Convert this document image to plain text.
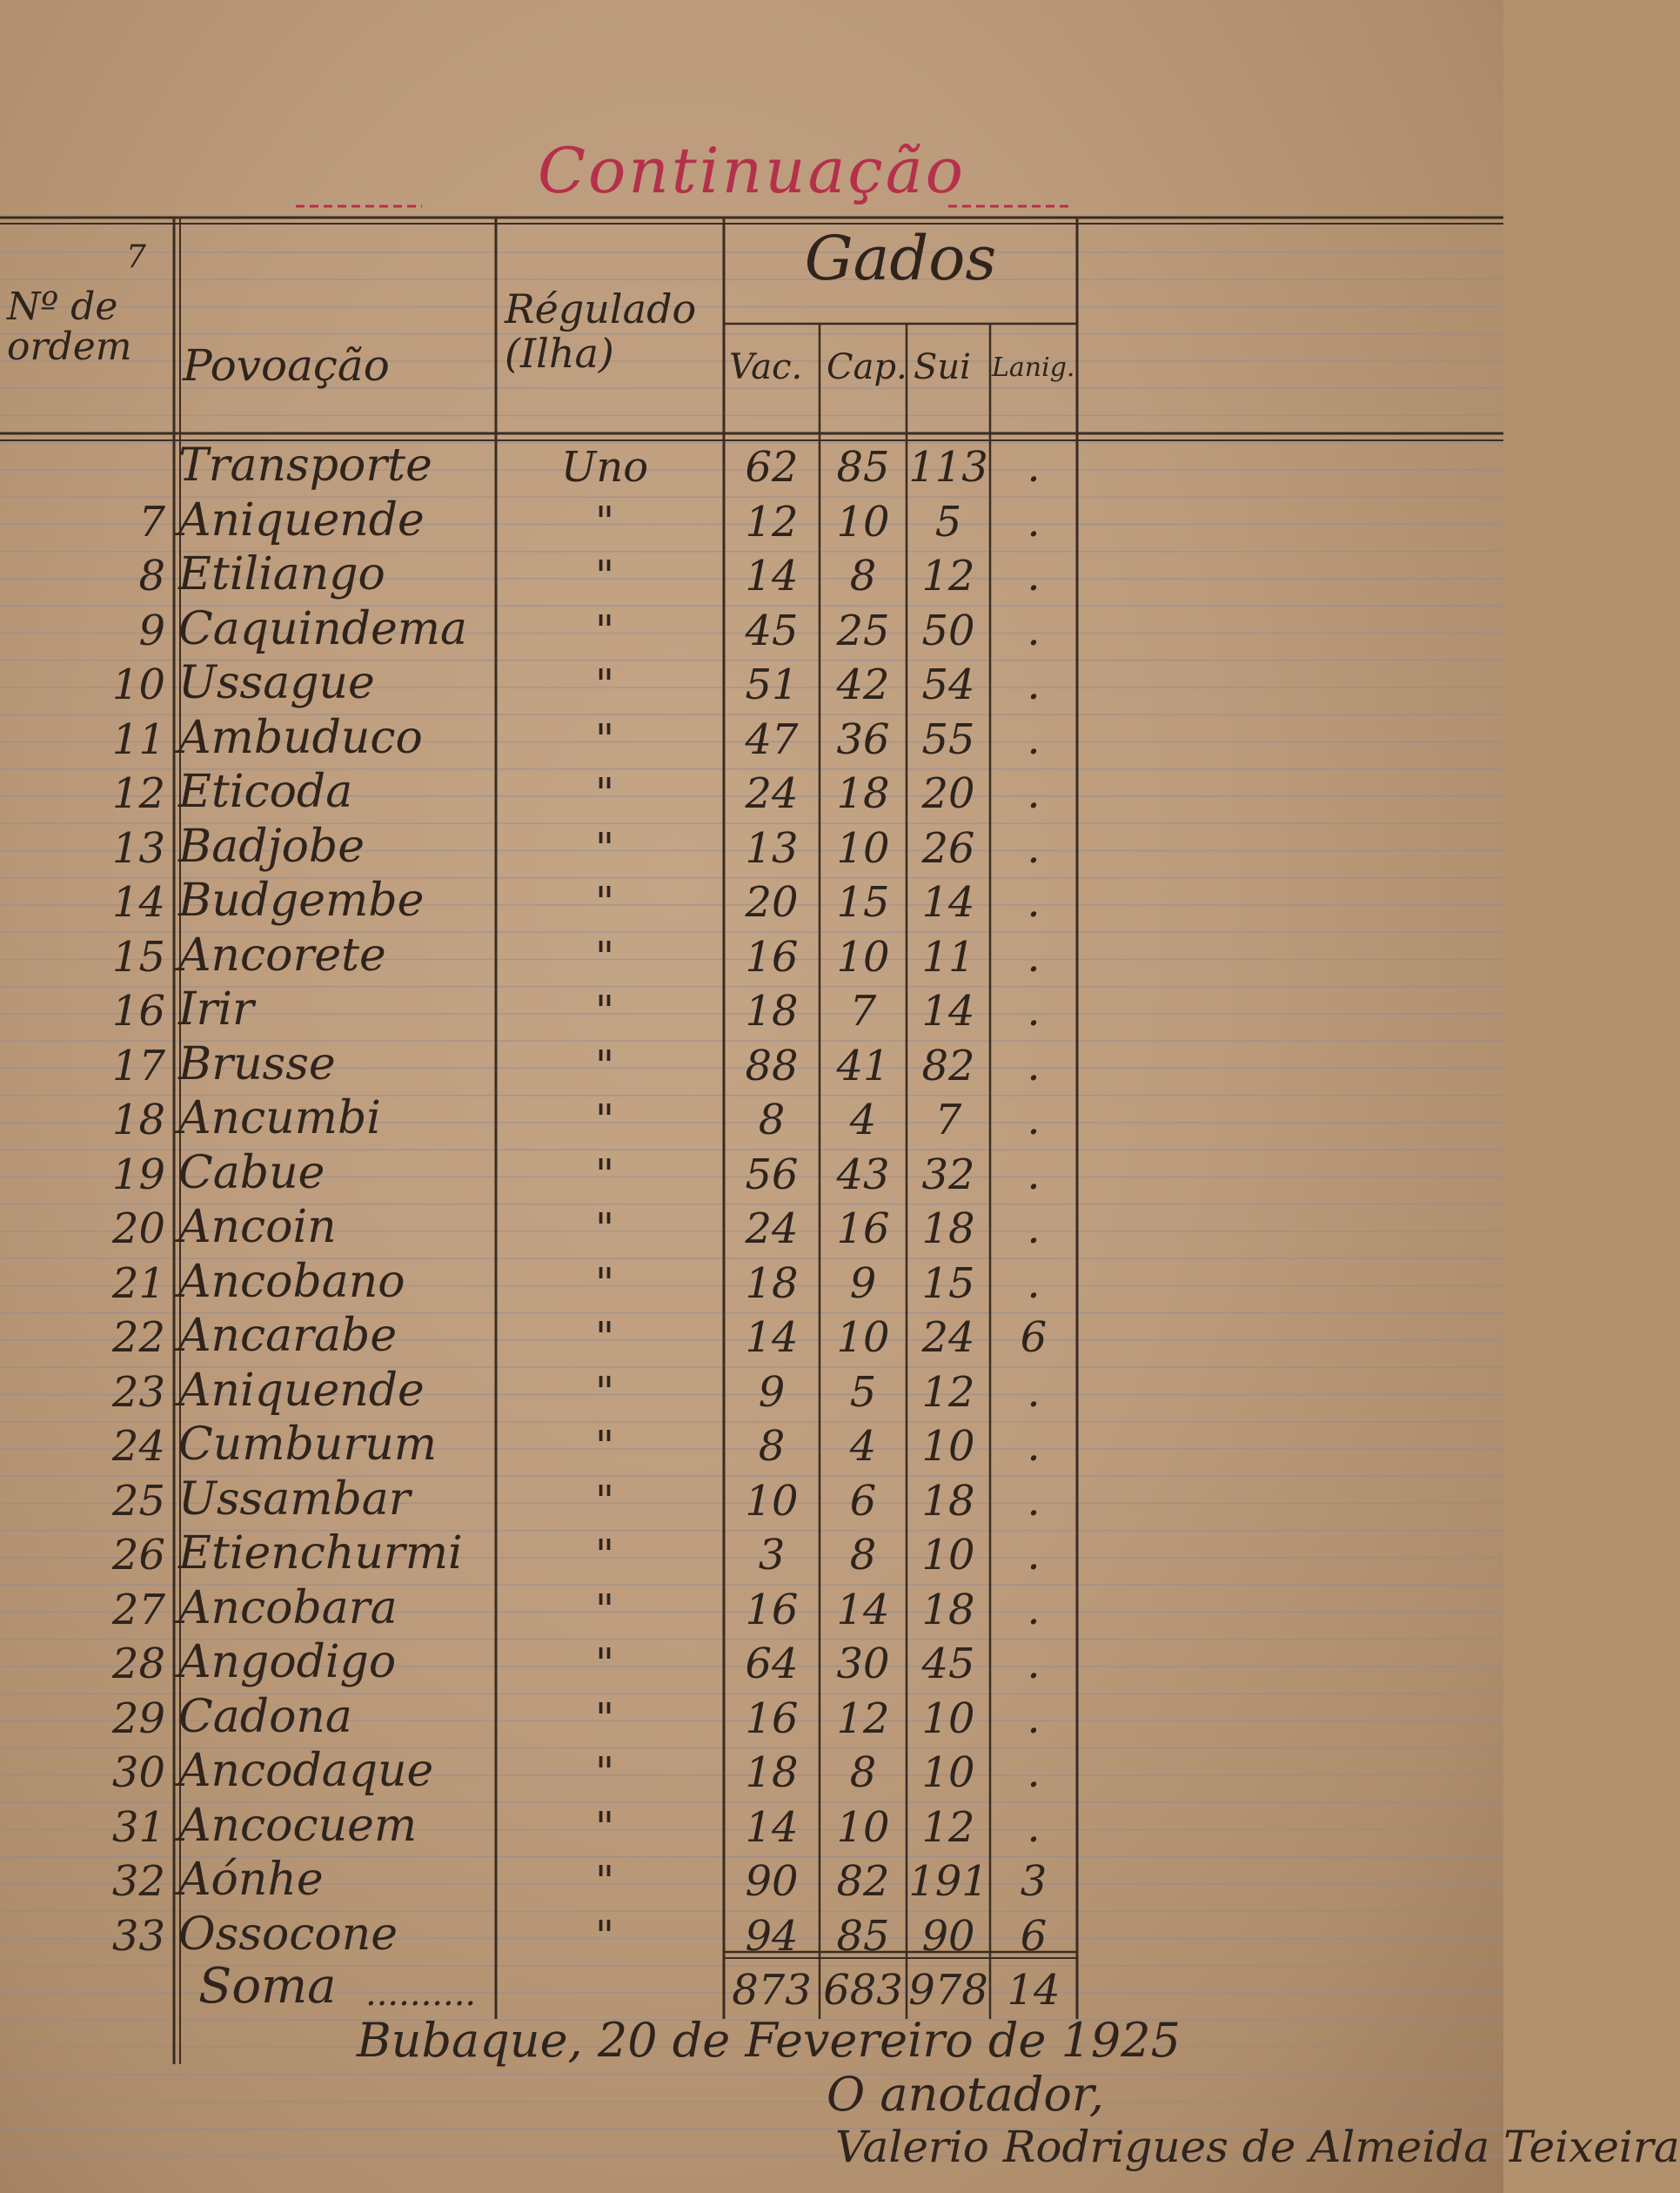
Continuação
7
Nº de ordem	Povoação
Régulado (Ilha)
Gados
Vac. Cap. Sui Lanig.
Transporte	Uno	62 85 113 .
7 Aniquende	"	12 10	5	.
8 Etiliango	"	14	8	12	.
9 Caquindema	"	45 25 50	.
10 Ussague	"	51 42 54	.
11 Ambuduco	"	47 36 55	.
12 Eticoda	"	24 18 20	.
13 Badjobe	"	13 10 26	.
14 Budgembe	"	20 15 14	.
15 Ancorete	"	16 10 11	.
16 Irir	"	18	7	14	.
17 Brusse	"	88 41 82	.
18 Ancumbi	"	8	4	7	.
19 Cabue	"	56 43 32	.
20 Ancoin	"	24 16 18	.
21 Ancobano	"	18	9	15	.
22 Ancarabe	"	14 10 24	6
23 Aniquende	"	9	5	12	.
24 Cumburum	"	8	4	10	.
25 Ussambar	"	10	6	18	.
26 Etienchurmi	"	3	8	10	.
27 Ancobara	"	16 14 18	.
28 Angodigo	"	64 30 45	.
29 Cadona	"	16 12 10	.
30 Ancodaque	"	18	8	10	.
31 Ancocuem	"	14 10 12	.
32 Aónhe	"	90 82 191 3
33 Ossocone	"	94 85 90	6
Soma ..........	873 683 978 14
Bubaque, 20 de Fevereiro de 1925
O anotador,
Valerio Rodrigues de Almeida Teixeira
